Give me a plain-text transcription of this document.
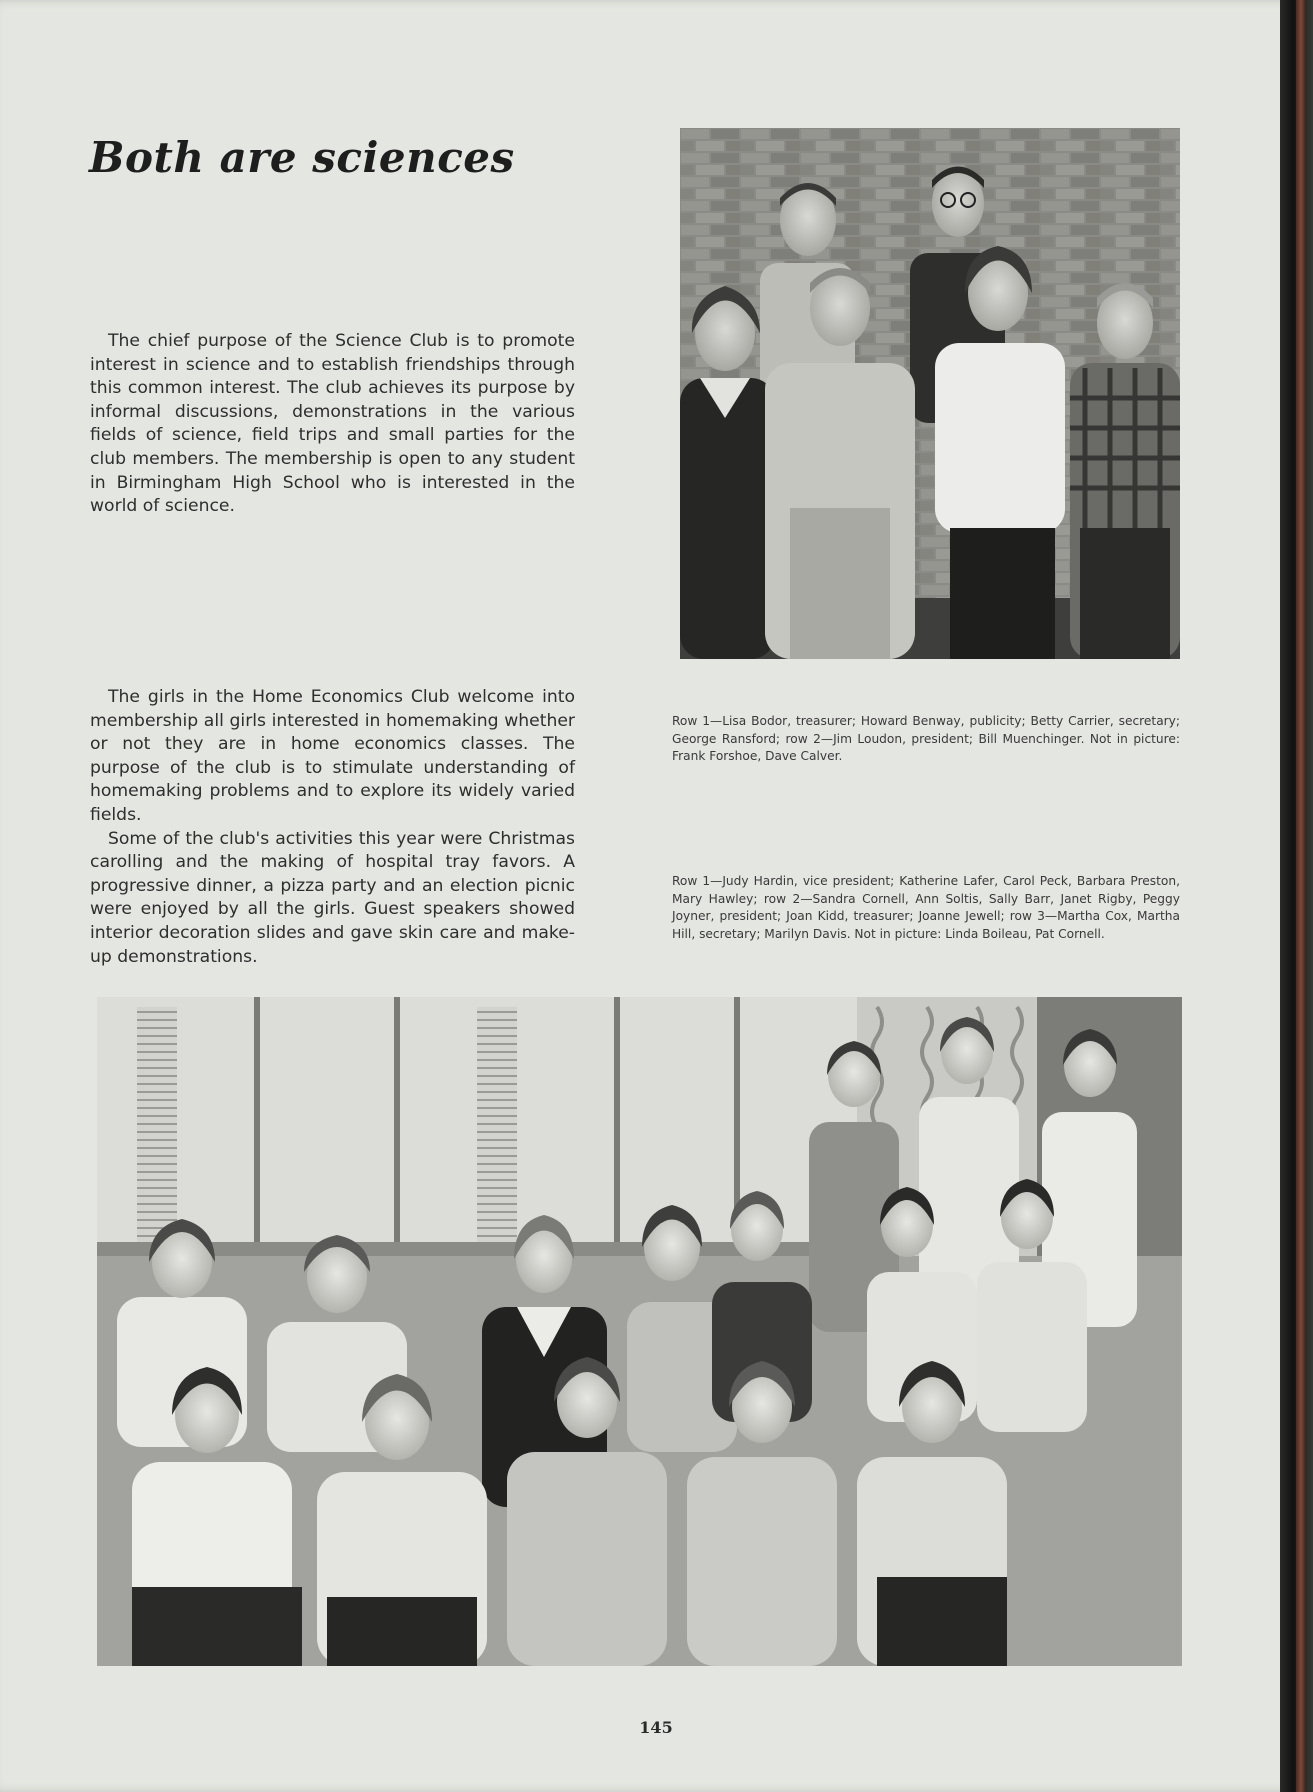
Both are sciences

The chief purpose of the Science Club is to promote interest in science and to establish friendships through this common interest. The club achieves its purpose by informal discussions, demonstrations in the various fields of science, field trips and small parties for the club members. The membership is open to any student in Birmingham High School who is interested in the world of science.

The girls in the Home Economics Club welcome into membership all girls interested in homemaking whether or not they are in home economics classes. The purpose of the club is to stimulate understanding of homemaking problems and to explore its widely varied fields.

Some of the club's activities this year were Christmas carolling and the making of hospital tray favors. A progressive dinner, a pizza party and an election picnic were enjoyed by all the girls. Guest speakers showed interior decoration slides and gave skin care and make-up demonstrations.

Row 1—Lisa Bodor, treasurer; Howard Benway, publicity; Betty Carrier, secretary; George Ransford; row 2—Jim Loudon, president; Bill Muenchinger. Not in picture: Frank Forshoe, Dave Calver.

Row 1—Judy Hardin, vice president; Katherine Lafer, Carol Peck, Barbara Preston, Mary Hawley; row 2—Sandra Cornell, Ann Soltis, Sally Barr, Janet Rigby, Peggy Joyner, president; Joan Kidd, treasurer; Joanne Jewell; row 3—Martha Cox, Martha Hill, secretary; Marilyn Davis. Not in picture: Linda Boileau, Pat Cornell.

145
